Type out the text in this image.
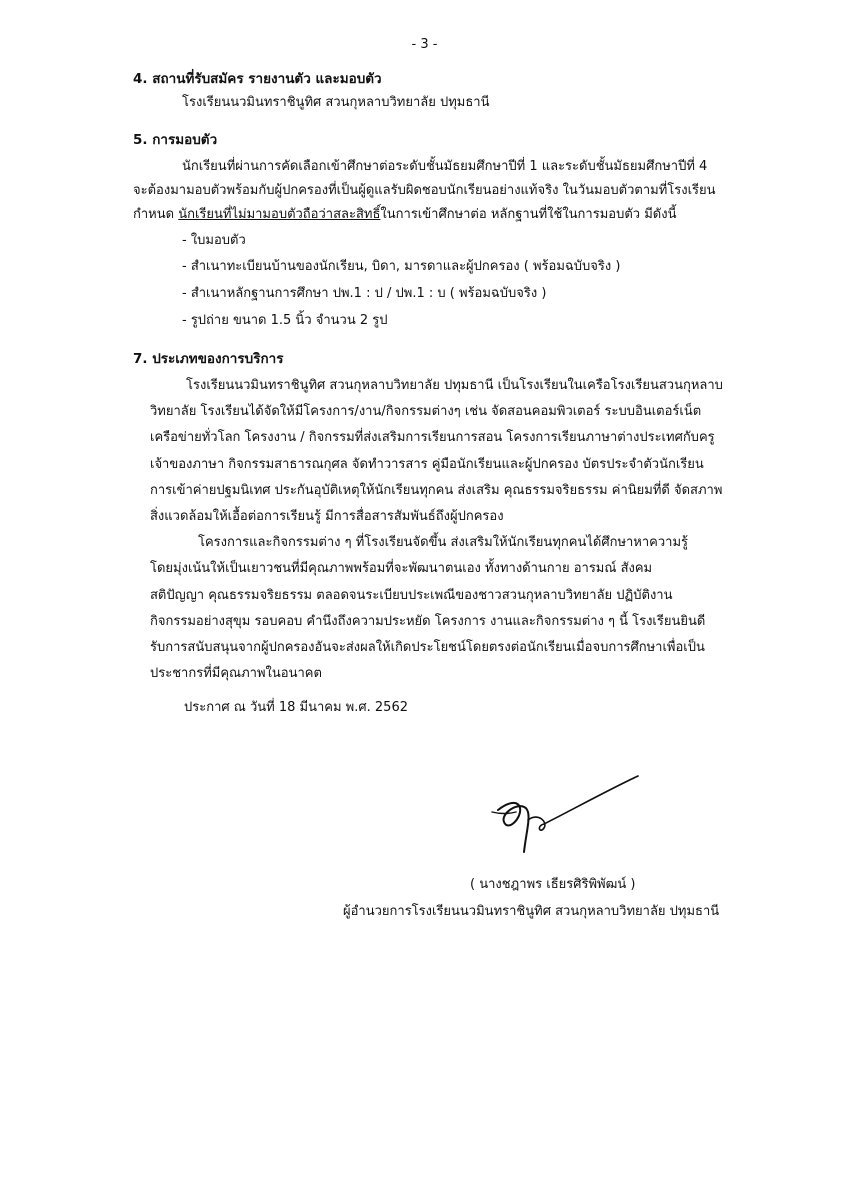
- 3 -
4. สถานที่รับสมัคร รายงานตัว และมอบตัว
โรงเรียนนวมินทราชินูทิศ สวนกุหลาบวิทยาลัย ปทุมธานี
5. การมอบตัว
นักเรียนที่ผ่านการคัดเลือกเข้าศึกษาต่อระดับชั้นมัธยมศึกษาปีที่ 1 และระดับชั้นมัธยมศึกษาปีที่ 4
จะต้องมามอบตัวพร้อมกับผู้ปกครองที่เป็นผู้ดูแลรับผิดชอบนักเรียนอย่างแท้จริง ในวันมอบตัวตามที่โรงเรียน
กำหนด นักเรียนที่ไม่มามอบตัวถือว่าสละสิทธิ์ในการเข้าศึกษาต่อ หลักฐานที่ใช้ในการมอบตัว มีดังนี้
- ใบมอบตัว
- สำเนาทะเบียนบ้านของนักเรียน, บิดา, มารดาและผู้ปกครอง ( พร้อมฉบับจริง )
- สำเนาหลักฐานการศึกษา ปพ.1 : ป / ปพ.1 : บ ( พร้อมฉบับจริง )
- รูปถ่าย ขนาด 1.5 นิ้ว จำนวน 2 รูป
7. ประเภทของการบริการ
โรงเรียนนวมินทราชินูทิศ สวนกุหลาบวิทยาลัย ปทุมธานี เป็นโรงเรียนในเครือโรงเรียนสวนกุหลาบ
วิทยาลัย โรงเรียนได้จัดให้มีโครงการ/งาน/กิจกรรมต่างๆ เช่น จัดสอนคอมพิวเตอร์ ระบบอินเตอร์เน็ต
เครือข่ายทั่วโลก โครงงาน / กิจกรรมที่ส่งเสริมการเรียนการสอน โครงการเรียนภาษาต่างประเทศกับครู
เจ้าของภาษา กิจกรรมสาธารณกุศล จัดทำวารสาร คู่มือนักเรียนและผู้ปกครอง บัตรประจำตัวนักเรียน
การเข้าค่ายปฐมนิเทศ ประกันอุบัติเหตุให้นักเรียนทุกคน ส่งเสริม คุณธรรมจริยธรรม ค่านิยมที่ดี จัดสภาพ
สิ่งแวดล้อมให้เอื้อต่อการเรียนรู้ มีการสื่อสารสัมพันธ์ถึงผู้ปกครอง
โครงการและกิจกรรมต่าง ๆ ที่โรงเรียนจัดขึ้น ส่งเสริมให้นักเรียนทุกคนได้ศึกษาหาความรู้
โดยมุ่งเน้นให้เป็นเยาวชนที่มีคุณภาพพร้อมที่จะพัฒนาตนเอง ทั้งทางด้านกาย อารมณ์ สังคม
สติปัญญา คุณธรรมจริยธรรม ตลอดจนระเบียบประเพณีของชาวสวนกุหลาบวิทยาลัย ปฏิบัติงาน
กิจกรรมอย่างสุขุม รอบคอบ คำนึงถึงความประหยัด โครงการ งานและกิจกรรมต่าง ๆ นี้ โรงเรียนยินดี
รับการสนับสนุนจากผู้ปกครองอันจะส่งผลให้เกิดประโยชน์โดยตรงต่อนักเรียนเมื่อจบการศึกษาเพื่อเป็น
ประชากรที่มีคุณภาพในอนาคต
ประกาศ ณ วันที่ 18 มีนาคม พ.ศ. 2562
( นางชฎาพร เธียรศิริพิพัฒน์ )
ผู้อำนวยการโรงเรียนนวมินทราชินูทิศ สวนกุหลาบวิทยาลัย ปทุมธานี
